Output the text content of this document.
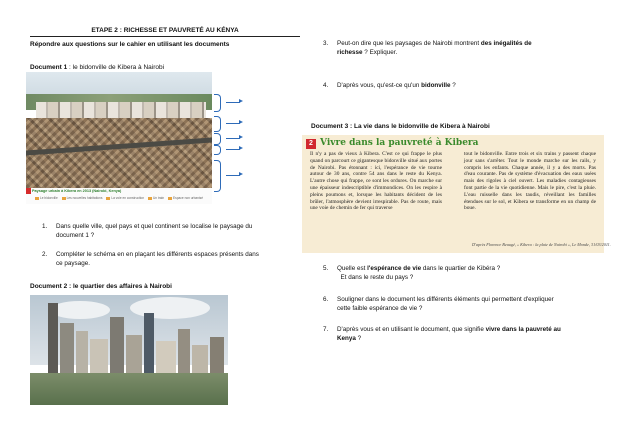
ETAPE 2 : RICHESSE ET PAUVRETÉ AU KÉNYA
Répondre aux questions sur le cahier en utilisant les documents
Document 1 : le bidonville de Kibera à Nairobi
Paysage urbain à Kibera en 2013 (Nairobi, Kenya)
Le bidonville	Les nouvelles habitations	La voie en construction	Un train	Espace non urbanisé
1. Dans quelle ville, quel pays et quel continent se localise le paysage du
document 1 ?
2. Compléter le schéma en en plaçant les différents espaces présents dans
ce paysage.
Document 2 : le quartier des affaires à Nairobi
3. Peut-on dire que les paysages de Nairobi montrent des inégalités de
richesse ? Expliquer.
4. D'après vous, qu'est-ce qu'un bidonville ?
Document 3 : La vie dans le bidonville de Kibera à Nairobi
2 Vivre dans la pauvreté à Kibera
Il n'y a pas de vieux à Kibera. C'est ce qui frappe le plus quand on parcourt ce gigantesque bidonville situé aux portes de Nairobi. Pas étonnant : ici, l'espérance de vie tourne autour de 30 ans, contre 54 ans dans le reste du Kenya. L'autre chose qui frappe, ce sont les ordures. On marche sur une épaisseur indescriptible d'immondices. On les respire à pleins poumons et, lorsque les habitants décident de les brûler, l'atmosphère devient irrespirable. Pas de route, mais une voie de chemin de fer qui traverse
tout le bidonville. Entre trois et six trains y passent chaque jour sans s'arrêter. Tout le monde marche sur les rails, y compris les enfants. Chaque année, il y a des morts. Pas d'eau courante. Pas de système d'évacuation des eaux usées mais des rigoles à ciel ouvert. Les maladies contagieuses font partie de la vie quotidienne. Mais le pire, c'est la pluie. L'eau ruisselle dans les taudis, réveillant les familles étendues sur le sol, et Kibera se transforme en un champ de boue.
D'après Florence Beaugé, « Kibera : la plaie de Nairobi », Le Monde, 31/03/2011.
5. Quelle est l'espérance de vie dans le quartier de Kibéra ?
Et dans le reste du pays ?
6. Souligner dans le document les différents éléments qui permettent d'expliquer
cette faible espérance de vie ?
7. D'après vous et en utilisant le document, que signifie vivre dans la pauvreté au
Kenya ?
